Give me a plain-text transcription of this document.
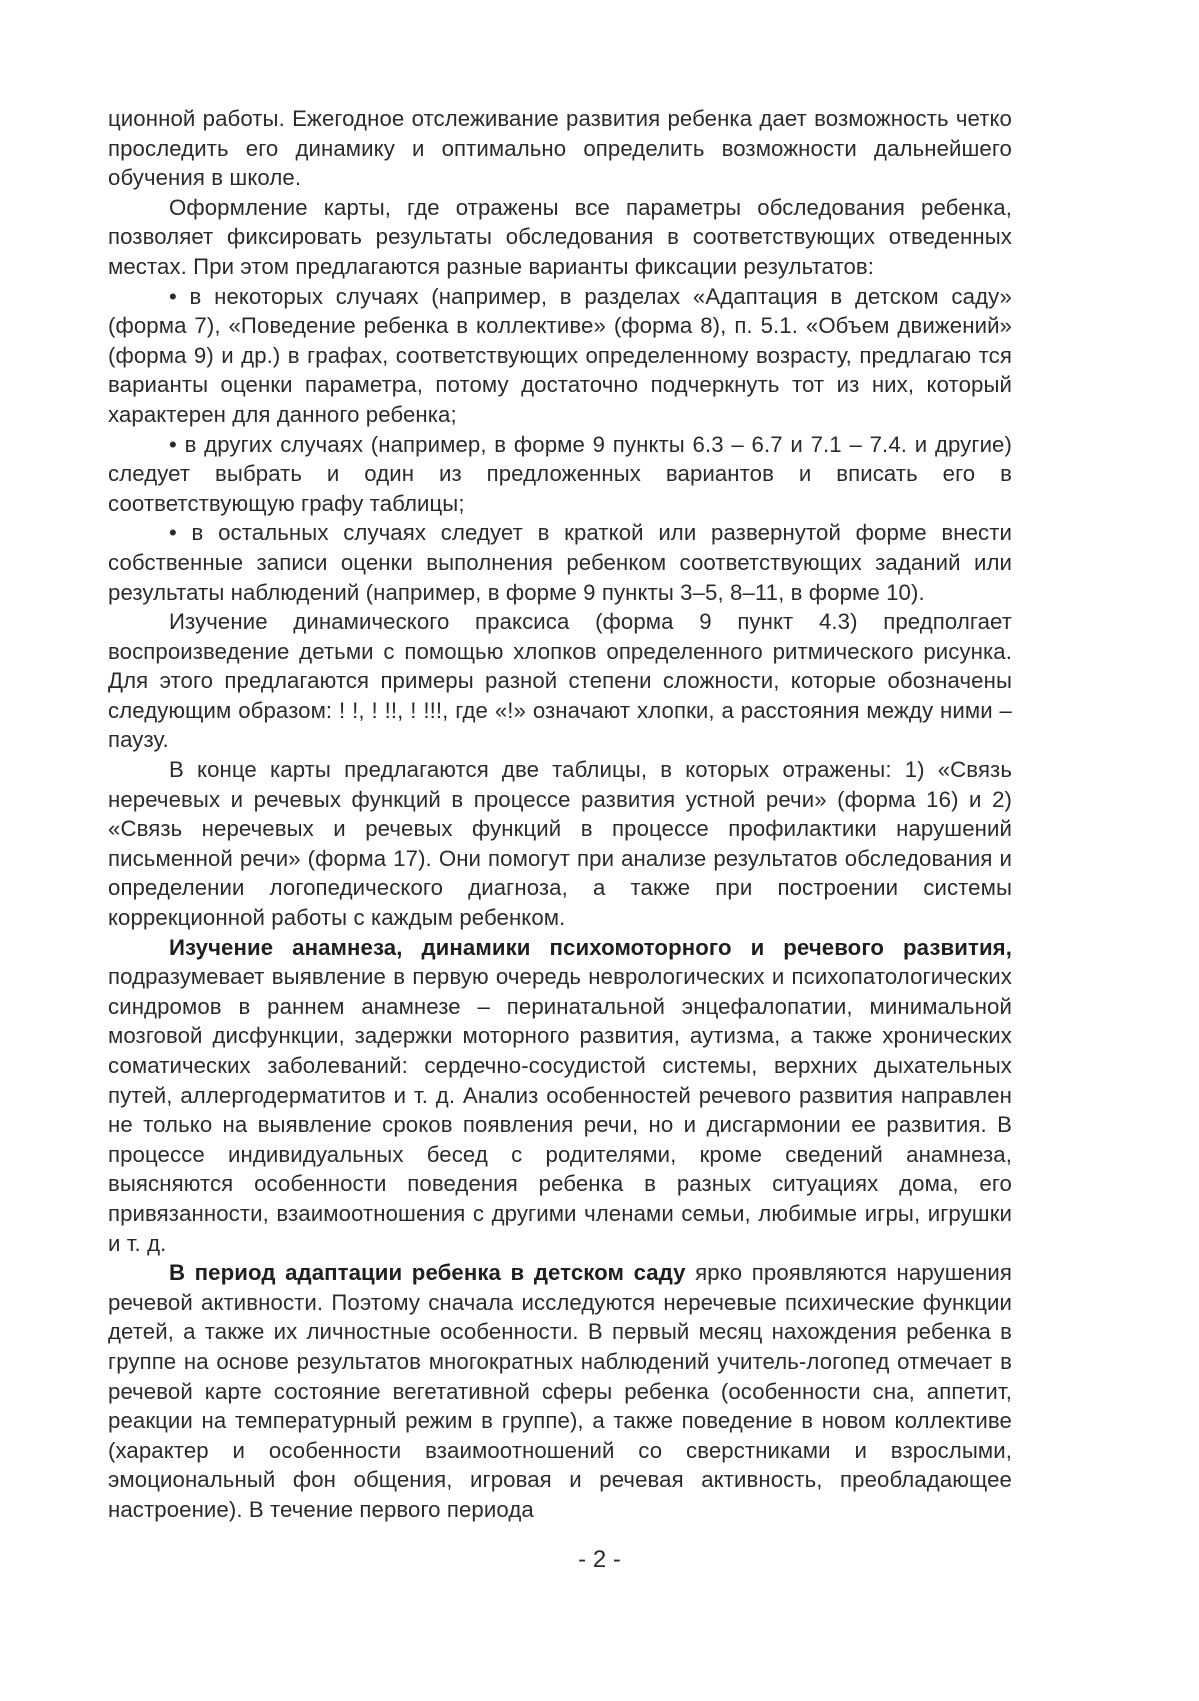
ционной работы. Ежегодное отслеживание развития ребенка дает возможность четко проследить его динамику и оптимально определить возможности дальнейшего обучения в школе.

Оформление карты, где отражены все параметры обследования ребенка, позволяет фиксировать результаты обследования в соответствующих отведенных местах. При этом предлагаются разные варианты фиксации результатов:

• в некоторых случаях (например, в разделах «Адаптация в детском саду» (форма 7), «Поведение ребенка в коллективе» (форма 8), п. 5.1. «Объем движений» (форма 9) и др.) в графах, соответствующих определенному возрасту, предлагаю тся варианты оценки параметра, потому достаточно подчеркнуть тот из них, который характерен для данного ребенка;

• в других случаях (например, в форме 9 пункты 6.3 – 6.7 и 7.1 – 7.4. и другие) следует выбрать и один из предложенных вариантов и вписать его в соответствующую графу таблицы;

• в остальных случаях следует в краткой или развернутой форме внести собственные записи оценки выполнения ребенком соответствующих заданий или результаты наблюдений (например, в форме 9 пункты 3–5, 8–11, в форме 10).

Изучение динамического праксиса (форма 9 пункт 4.3) предполгает воспроизведение детьми с помощью хлопков определенного ритмического рисунка. Для этого предлагаются примеры разной степени сложности, которые обозначены следующим образом: ! !, ! !!, ! !!!, где «!» означают хлопки, а расстояния между ними – паузу.

В конце карты предлагаются две таблицы, в которых отражены: 1) «Связь неречевых и речевых функций в процессе развития устной речи» (форма 16) и 2) «Связь неречевых и речевых функций в процессе профилактики нарушений письменной речи» (форма 17). Они помогут при анализе результатов обследования и определении логопедического диагноза, а также при построении системы коррекционной работы с каждым ребенком.

Изучение анамнеза, динамики психомоторного и речевого развития, подразумевает выявление в первую очередь неврологических и психопатологических синдромов в раннем анамнезе – перинатальной энцефалопатии, минимальной мозговой дисфункции, задержки моторного развития, аутизма, а также хронических соматических заболеваний: сердечно-сосудистой системы, верхних дыхательных путей, аллергодерматитов и т. д. Анализ особенностей речевого развития направлен не только на выявление сроков появления речи, но и дисгармонии ее развития. В процессе индивидуальных бесед с родителями, кроме сведений анамнеза, выясняются особенности поведения ребенка в разных ситуациях дома, его привязанности, взаимоотношения с другими членами семьи, любимые игры, игрушки и т. д.

В период адаптации ребенка в детском саду ярко проявляются нарушения речевой активности. Поэтому сначала исследуются неречевые психические функции детей, а также их личностные особенности. В первый месяц нахождения ребенка в группе на основе результатов многократных наблюдений учитель-логопед отмечает в речевой карте состояние вегетативной сферы ребенка (особенности сна, аппетит, реакции на температурный режим в группе), а также поведение в новом коллективе (характер и особенности взаимоотношений со сверстниками и взрослыми, эмоциональный фон общения, игровая и речевая активность, преобладающее настроение). В течение первого периода

- 2 -
